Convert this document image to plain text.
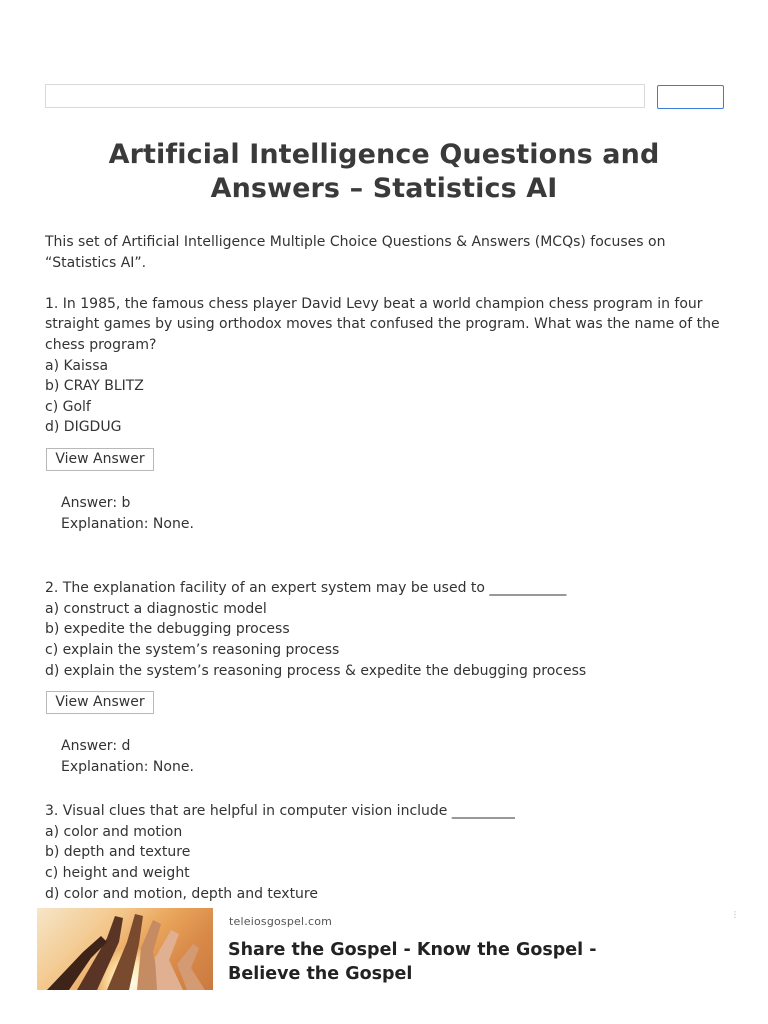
Artificial Intelligence Questions and Answers – Statistics AI

This set of Artificial Intelligence Multiple Choice Questions & Answers (MCQs) focuses on “Statistics AI”.

1. In 1985, the famous chess player David Levy beat a world champion chess program in four straight games by using orthodox moves that confused the program. What was the name of the chess program?

a) Kaissa
b) CRAY BLITZ
c) Golf
d) DIGDUG
View Answer
Answer: b
Explanation: None.

2. The explanation facility of an expert system may be used to ___________

a) construct a diagnostic model
b) expedite the debugging process
c) explain the system’s reasoning process
d) explain the system’s reasoning process & expedite the debugging process
View Answer
Answer: d
Explanation: None.

3. Visual clues that are helpful in computer vision include _________

a) color and motion
b) depth and texture
c) height and weight
d) color and motion, depth and texture
teleiosgospel.com
Share the Gospel - Know the Gospel - Believe the Gospel
⋮
